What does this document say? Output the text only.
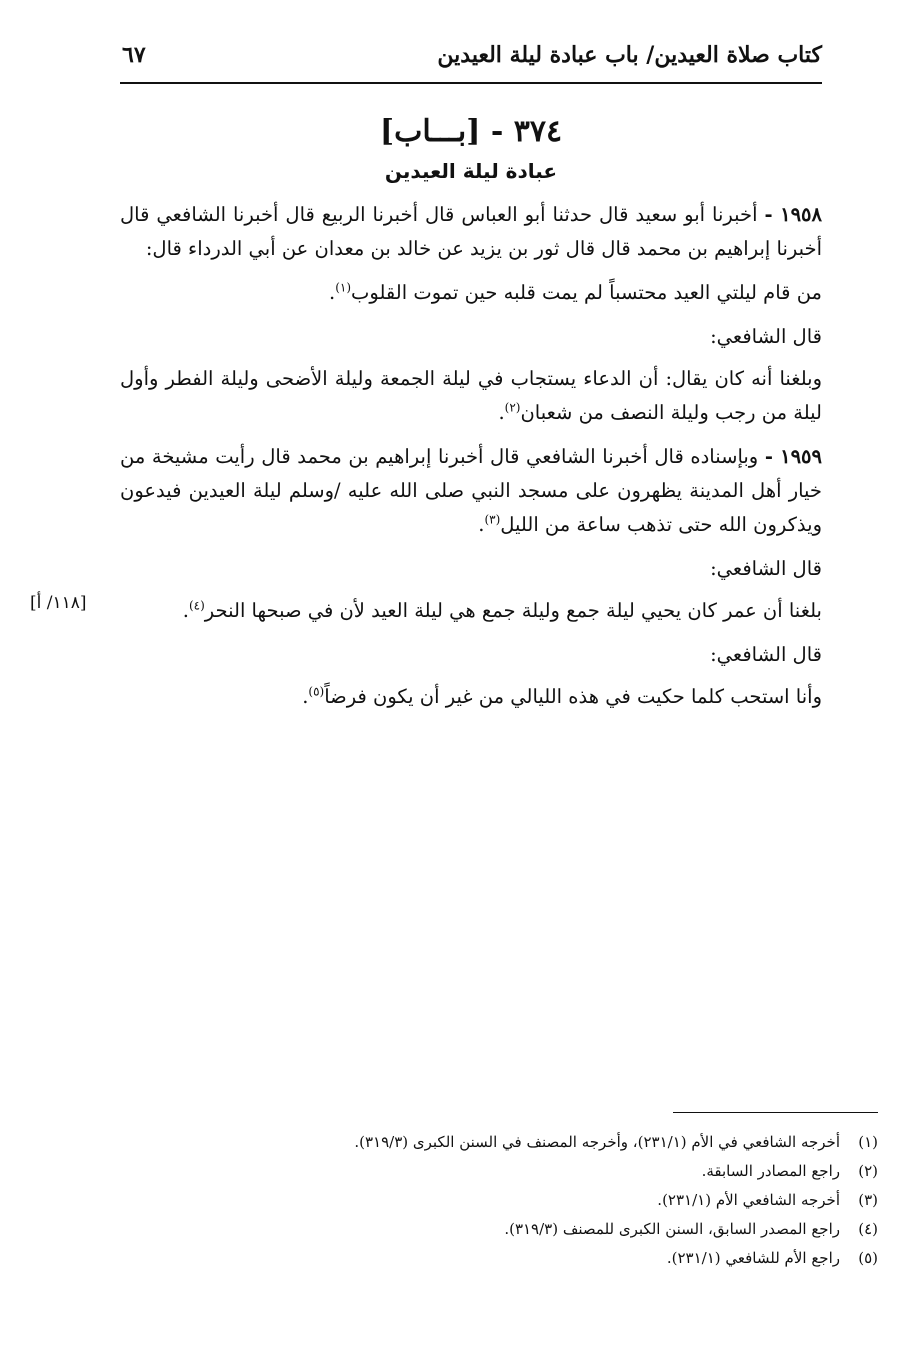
كتاب صلاة العيدين/ باب عبادة ليلة العيدين
٦٧
٣٧٤ - [بـــاب]
عبادة ليلة العيدين

١٩٥٨ - أخبرنا أبو سعيد قال حدثنا أبو العباس قال أخبرنا الربيع قال أخبرنا الشافعي قال أخبرنا إبراهيم بن محمد قال قال ثور بن يزيد عن خالد بن معدان عن أبي الدرداء قال:

من قام ليلتي العيد محتسباً لم يمت قلبه حين تموت القلوب$^{(١)}$.

قال الشافعي:

وبلغنا أنه كان يقال: أن الدعاء يستجاب في ليلة الجمعة وليلة الأضحى وليلة الفطر وأول ليلة من رجب وليلة النصف من شعبان$^{(٢)}$.

١٩٥٩ - وبإسناده قال أخبرنا الشافعي قال أخبرنا إبراهيم بن محمد قال رأيت مشيخة من خيار أهل المدينة يظهرون على مسجد النبي صلى الله عليه /وسلم ليلة العيدين فيدعون ويذكرون الله حتى تذهب ساعة من الليل$^{(٣)}$.

قال الشافعي:

بلغنا أن عمر كان يحيي ليلة جمع وليلة جمع هي ليلة العيد لأن في صبحها النحر$^{(٤)}$.

قال الشافعي:

وأنا استحب كلما حكيت في هذه الليالي من غير أن يكون فرضاً$^{(٥)}$.

[١١٨/ أ]
(١)
أخرجه الشافعي في الأم (٢٣١/١)، وأخرجه المصنف في السنن الكبرى (٣١٩/٣).
(٢)
راجع المصادر السابقة.
(٣)
أخرجه الشافعي الأم (٢٣١/١).
(٤)
راجع المصدر السابق، السنن الكبرى للمصنف (٣١٩/٣).
(٥)
راجع الأم للشافعي (٢٣١/١).
